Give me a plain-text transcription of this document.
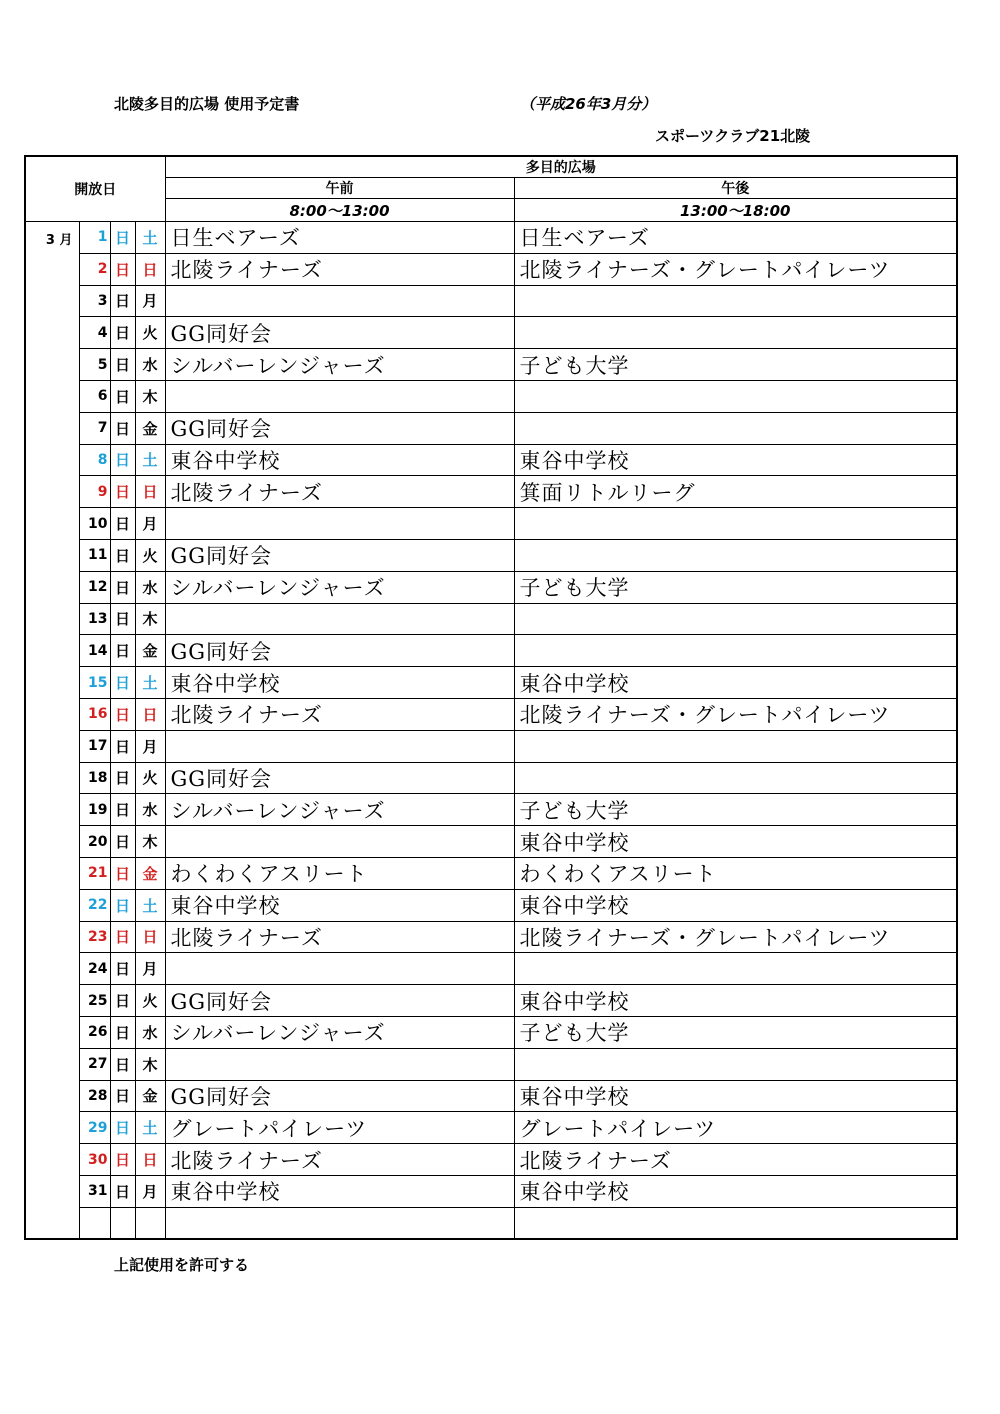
北陵多目的広場 使用予定書	（平成26年3月分）
スポーツクラブ21北陵
開放日				多目的広場	
				午前	午後
				8:00～13:00	13:00～18:00
3 月	1	日	土	日生ベアーズ	日生ベアーズ
	2	日	日	北陵ライナーズ	北陵ライナーズ・グレートパイレーツ
	3	日	月		
	4	日	火	GG同好会	
	5	日	水	シルバーレンジャーズ	子ども大学
	6	日	木		
	7	日	金	GG同好会	
	8	日	土	東谷中学校	東谷中学校
	9	日	日	北陵ライナーズ	箕面リトルリーグ
	10	日	月		
	11	日	火	GG同好会	
	12	日	水	シルバーレンジャーズ	子ども大学
	13	日	木		
	14	日	金	GG同好会	
	15	日	土	東谷中学校	東谷中学校
	16	日	日	北陵ライナーズ	北陵ライナーズ・グレートパイレーツ
	17	日	月		
	18	日	火	GG同好会	
	19	日	水	シルバーレンジャーズ	子ども大学
	20	日	木		東谷中学校
	21	日	金	わくわくアスリート	わくわくアスリート
	22	日	土	東谷中学校	東谷中学校
	23	日	日	北陵ライナーズ	北陵ライナーズ・グレートパイレーツ
	24	日	月		
	25	日	火	GG同好会	東谷中学校
	26	日	水	シルバーレンジャーズ	子ども大学
	27	日	木		
	28	日	金	GG同好会	東谷中学校
	29	日	土	グレートパイレーツ	グレートパイレーツ
	30	日	日	北陵ライナーズ	北陵ライナーズ
	31	日	月	東谷中学校	東谷中学校

上記使用を許可する
